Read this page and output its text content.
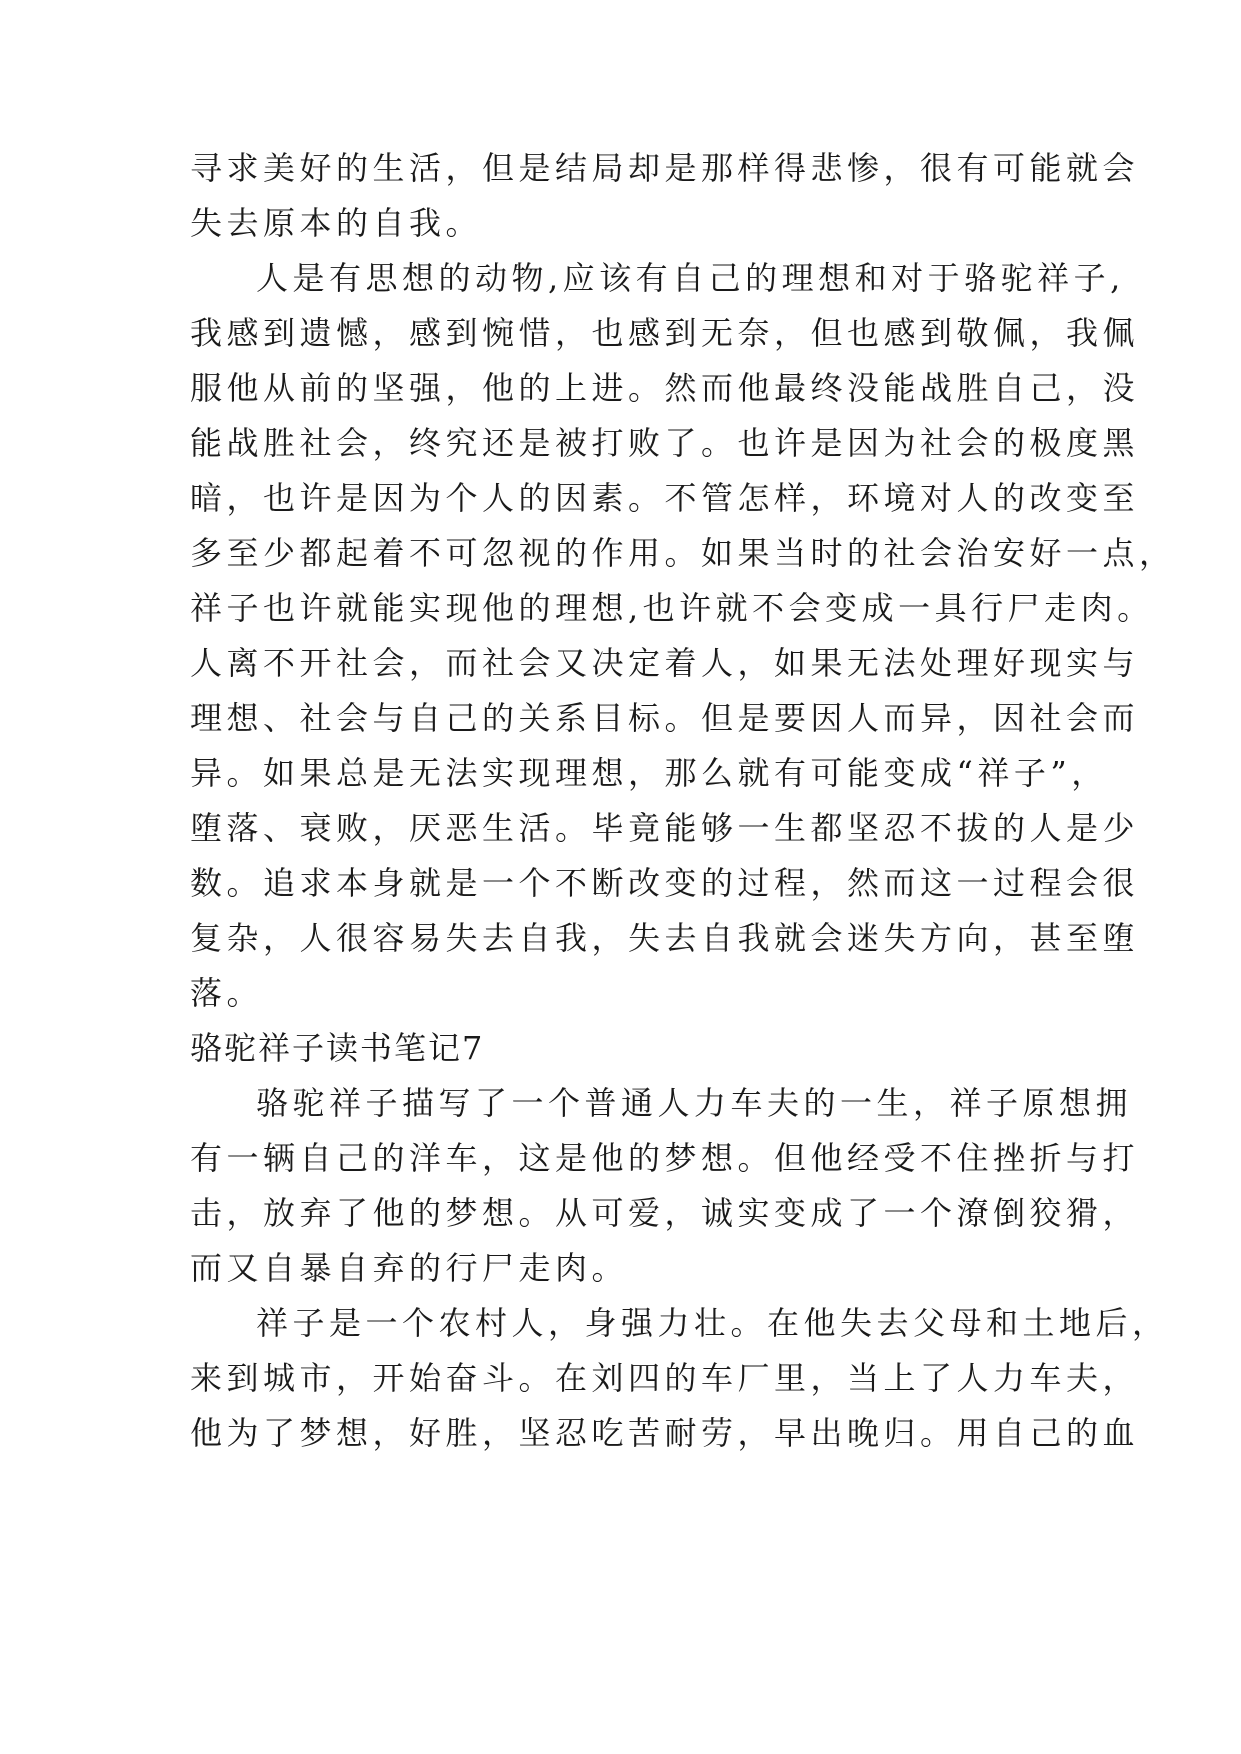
寻求美好的生活，但是结局却是那样得悲惨，很有可能就会
失去原本的自我。
人是有思想的动物,应该有自己的理想和对于骆驼祥子,
我感到遗憾，感到惋惜，也感到无奈，但也感到敬佩，我佩
服他从前的坚强，他的上进。然而他最终没能战胜自己，没
能战胜社会，终究还是被打败了。也许是因为社会的极度黑
暗，也许是因为个人的因素。不管怎样，环境对人的改变至
多至少都起着不可忽视的作用。如果当时的社会治安好一点，
祥子也许就能实现他的理想,也许就不会变成一具行尸走肉。
人离不开社会，而社会又决定着人，如果无法处理好现实与
理想、社会与自己的关系目标。但是要因人而异，因社会而
异。如果总是无法实现理想，那么就有可能变成“祥子”，
堕落、衰败，厌恶生活。毕竟能够一生都坚忍不拔的人是少
数。追求本身就是一个不断改变的过程，然而这一过程会很
复杂，人很容易失去自我，失去自我就会迷失方向，甚至堕
落。
骆驼祥子读书笔记7
骆驼祥子描写了一个普通人力车夫的一生，祥子原想拥
有一辆自己的洋车，这是他的梦想。但他经受不住挫折与打
击，放弃了他的梦想。从可爱，诚实变成了一个潦倒狡猾，
而又自暴自弃的行尸走肉。
祥子是一个农村人，身强力壮。在他失去父母和土地后，
来到城市，开始奋斗。在刘四的车厂里，当上了人力车夫，
他为了梦想，好胜，坚忍吃苦耐劳，早出晚归。用自己的血
